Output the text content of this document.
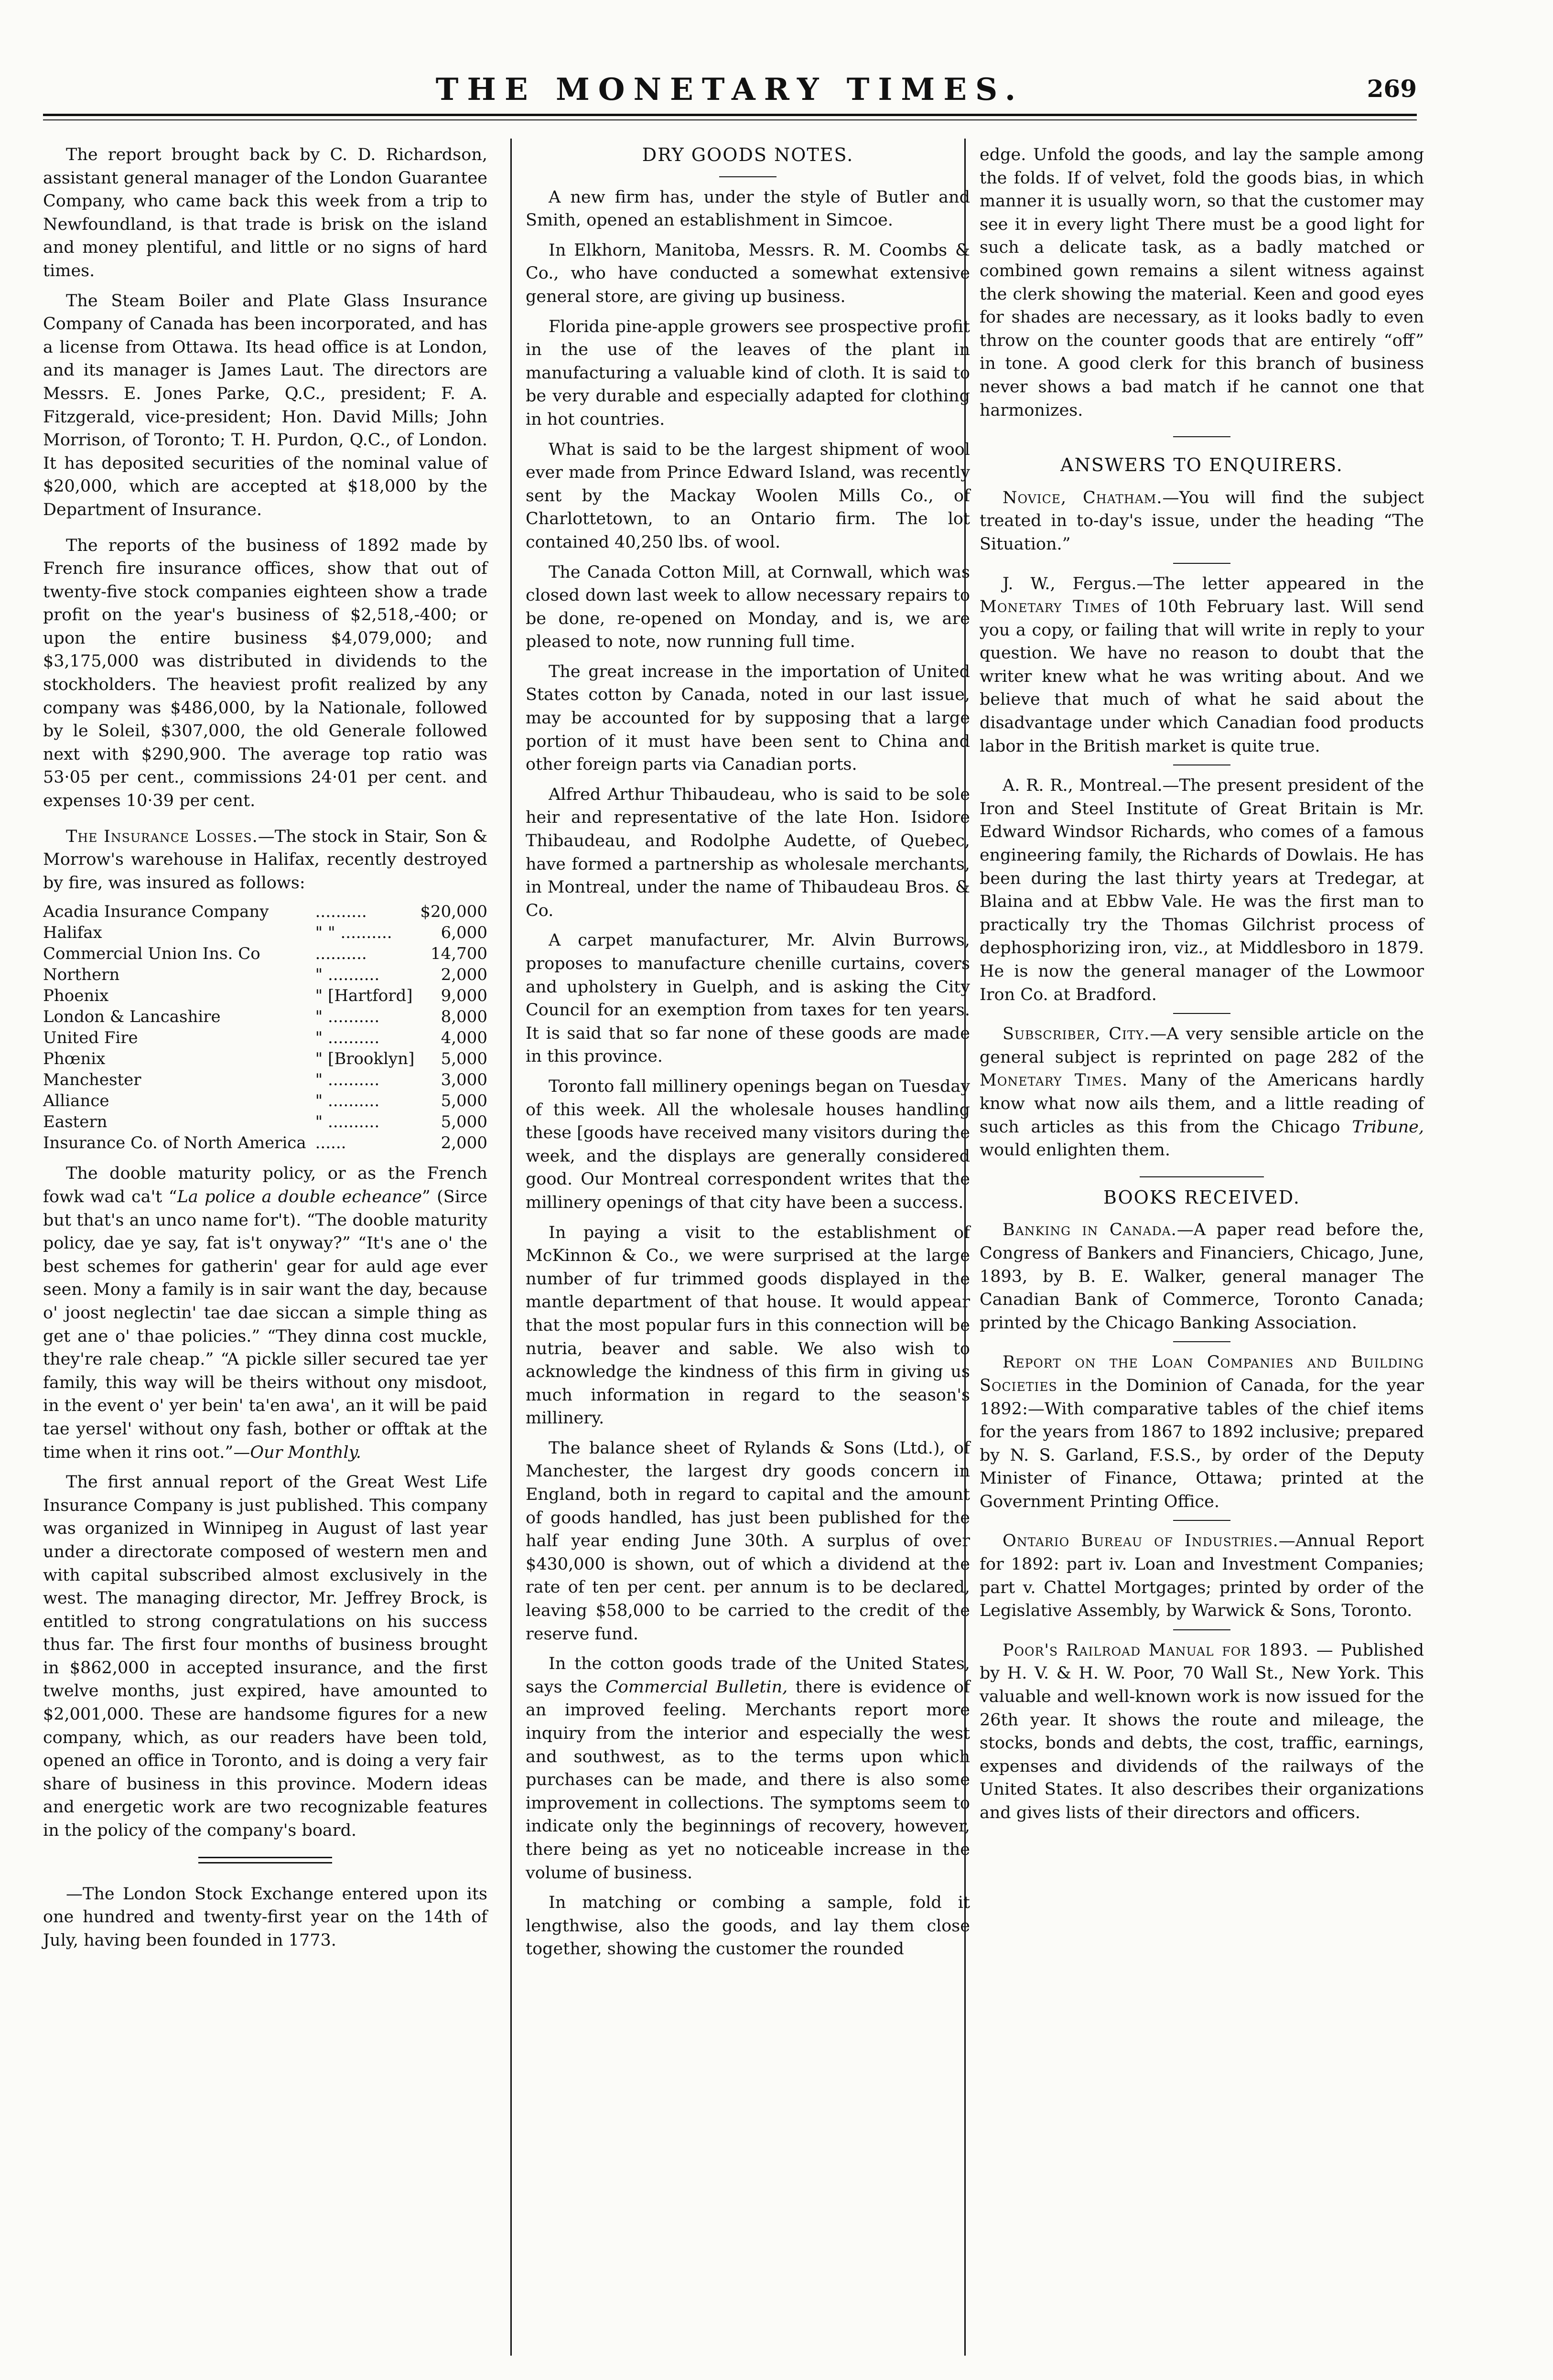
THE MONETARY TIMES.	269

The report brought back by C. D. Richardson, assistant general manager of the London Guarantee Company, who came back this week from a trip to Newfoundland, is that trade is brisk on the island and money plentiful, and little or no signs of hard times.

The Steam Boiler and Plate Glass Insurance Company of Canada has been incorporated, and has a license from Ottawa. Its head office is at London, and its manager is James Laut. The directors are Messrs. E. Jones Parke, Q.C., president; F. A. Fitzgerald, vice-president; Hon. David Mills; John Morrison, of Toronto; T. H. Purdon, Q.C., of London. It has deposited securities of the nominal value of $20,000, which are accepted at $18,000 by the Department of Insurance.

The reports of the business of 1892 made by French fire insurance offices, show that out of twenty-five stock companies eighteen show a trade profit on the year's business of $2,518,-400; or upon the entire business $4,079,000; and $3,175,000 was distributed in dividends to the stockholders. The heaviest profit realized by any company was $486,000, by la Nationale, followed by le Soleil, $307,000, the old Generale followed next with $290,900. The average top ratio was 53·05 per cent., commissions 24·01 per cent. and expenses 10·39 per cent.

The Insurance Losses.—The stock in Stair, Son & Morrow's warehouse in Halifax, recently destroyed by fire, was insured as follows:

Acadia Insurance Company	..........	$20,000
Halifax	" " ..........	6,000
Commercial Union Ins. Co	..........	14,700
Northern	" ..........	2,000
Phoenix	" [Hartford]	9,000
London & Lancashire	" ..........	8,000
United Fire	" ..........	4,000
Phœnix	" [Brooklyn]	5,000
Manchester	" ..........	3,000
Alliance	" ..........	5,000
Eastern	" ..........	5,000
Insurance Co. of North America	......	2,000

The dooble maturity policy, or as the French fowk wad ca't “La police a double echeance” (Sirce but that's an unco name for't). “The dooble maturity policy, dae ye say, fat is't onyway?” “It's ane o' the best schemes for gatherin' gear for auld age ever seen. Mony a family is in sair want the day, because o' joost neglectin' tae dae siccan a simple thing as get ane o' thae policies.” “They dinna cost muckle, they're rale cheap.” “A pickle siller secured tae yer family, this way will be theirs without ony misdoot, in the event o' yer bein' ta'en awa', an it will be paid tae yersel' without ony fash, bother or offtak at the time when it rins oot.”—Our Monthly.

The first annual report of the Great West Life Insurance Company is just published. This company was organized in Winnipeg in August of last year under a directorate composed of western men and with capital subscribed almost exclusively in the west. The managing director, Mr. Jeffrey Brock, is entitled to strong congratulations on his success thus far. The first four months of business brought in $862,000 in accepted insurance, and the first twelve months, just expired, have amounted to $2,001,000. These are handsome figures for a new company, which, as our readers have been told, opened an office in Toronto, and is doing a very fair share of business in this province. Modern ideas and energetic work are two recognizable features in the policy of the company's board.

—The London Stock Exchange entered upon its one hundred and twenty-first year on the 14th of July, having been founded in 1773.

DRY GOODS NOTES.

A new firm has, under the style of Butler and Smith, opened an establishment in Simcoe.

In Elkhorn, Manitoba, Messrs. R. M. Coombs & Co., who have conducted a somewhat extensive general store, are giving up business.

Florida pine-apple growers see prospective profit in the use of the leaves of the plant in manufacturing a valuable kind of cloth. It is said to be very durable and especially adapted for clothing in hot countries.

What is said to be the largest shipment of wool ever made from Prince Edward Island, was recently sent by the Mackay Woolen Mills Co., of Charlottetown, to an Ontario firm. The lot contained 40,250 lbs. of wool.

The Canada Cotton Mill, at Cornwall, which was closed down last week to allow necessary repairs to be done, re-opened on Monday, and is, we are pleased to note, now running full time.

The great increase in the importation of United States cotton by Canada, noted in our last issue, may be accounted for by supposing that a large portion of it must have been sent to China and other foreign parts via Canadian ports.

Alfred Arthur Thibaudeau, who is said to be sole heir and representative of the late Hon. Isidore Thibaudeau, and Rodolphe Audette, of Quebec, have formed a partnership as wholesale merchants, in Montreal, under the name of Thibaudeau Bros. & Co.

A carpet manufacturer, Mr. Alvin Burrows, proposes to manufacture chenille curtains, covers and upholstery in Guelph, and is asking the City Council for an exemption from taxes for ten years. It is said that so far none of these goods are made in this province.

Toronto fall millinery openings began on Tuesday of this week. All the wholesale houses handling these [goods have received many visitors during the week, and the displays are generally considered good. Our Montreal correspondent writes that the millinery openings of that city have been a success.

In paying a visit to the establishment of McKinnon & Co., we were surprised at the large number of fur trimmed goods displayed in the mantle department of that house. It would appear that the most popular furs in this connection will be nutria, beaver and sable. We also wish to acknowledge the kindness of this firm in giving us much information in regard to the season's millinery.

The balance sheet of Rylands & Sons (Ltd.), of Manchester, the largest dry goods concern in England, both in regard to capital and the amount of goods handled, has just been published for the half year ending June 30th. A surplus of over $430,000 is shown, out of which a dividend at the rate of ten per cent. per annum is to be declared, leaving $58,000 to be carried to the credit of the reserve fund.

In the cotton goods trade of the United States, says the Commercial Bulletin, there is evidence of an improved feeling. Merchants report more inquiry from the interior and especially the west and southwest, as to the terms upon which purchases can be made, and there is also some improvement in collections. The symptoms seem to indicate only the beginnings of recovery, however, there being as yet no noticeable increase in the volume of business.

In matching or combing a sample, fold it lengthwise, also the goods, and lay them close together, showing the customer the rounded

edge. Unfold the goods, and lay the sample among the folds. If of velvet, fold the goods bias, in which manner it is usually worn, so that the customer may see it in every light There must be a good light for such a delicate task, as a badly matched or combined gown remains a silent witness against the clerk showing the material. Keen and good eyes for shades are necessary, as it looks badly to even throw on the counter goods that are entirely “off” in tone. A good clerk for this branch of business never shows a bad match if he cannot one that harmonizes.

ANSWERS TO ENQUIRERS.

Novice, Chatham.—You will find the subject treated in to-day's issue, under the heading “The Situation.”

J. W., Fergus.—The letter appeared in the Monetary Times of 10th February last. Will send you a copy, or failing that will write in reply to your question. We have no reason to doubt that the writer knew what he was writing about. And we believe that much of what he said about the disadvantage under which Canadian food products labor in the British market is quite true.

A. R. R., Montreal.—The present president of the Iron and Steel Institute of Great Britain is Mr. Edward Windsor Richards, who comes of a famous engineering family, the Richards of Dowlais. He has been during the last thirty years at Tredegar, at Blaina and at Ebbw Vale. He was the first man to practically try the Thomas Gilchrist process of dephosphorizing iron, viz., at Middlesboro in 1879. He is now the general manager of the Lowmoor Iron Co. at Bradford.

Subscriber, City.—A very sensible article on the general subject is reprinted on page 282 of the Monetary Times. Many of the Americans hardly know what now ails them, and a little reading of such articles as this from the Chicago Tribune, would enlighten them.

BOOKS RECEIVED.

Banking in Canada.—A paper read before the, Congress of Bankers and Financiers, Chicago, June, 1893, by B. E. Walker, general manager The Canadian Bank of Commerce, Toronto Canada; printed by the Chicago Banking Association.

Report on the Loan Companies and Building Societies in the Dominion of Canada, for the year 1892:—With comparative tables of the chief items for the years from 1867 to 1892 inclusive; prepared by N. S. Garland, F.S.S., by order of the Deputy Minister of Finance, Ottawa; printed at the Government Printing Office.

Ontario Bureau of Industries.—Annual Report for 1892: part iv. Loan and Investment Companies; part v. Chattel Mortgages; printed by order of the Legislative Assembly, by Warwick & Sons, Toronto.

Poor's Railroad Manual for 1893. — Published by H. V. & H. W. Poor, 70 Wall St., New York. This valuable and well-known work is now issued for the 26th year. It shows the route and mileage, the stocks, bonds and debts, the cost, traffic, earnings, expenses and dividends of the railways of the United States. It also describes their organizations and gives lists of their directors and officers.
